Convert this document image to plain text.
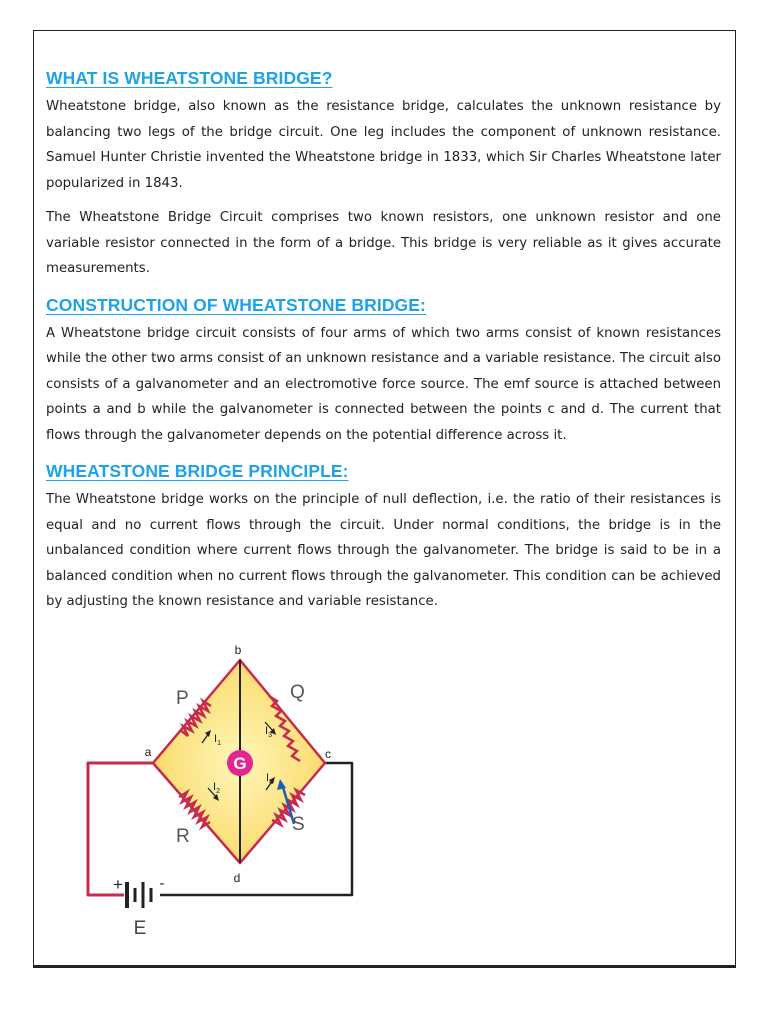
WHAT IS WHEATSTONE BRIDGE?

Wheatstone bridge, also known as the resistance bridge, calculates the unknown resistance by balancing two legs of the bridge circuit. One leg includes the component of unknown resistance. Samuel Hunter Christie invented the Wheatstone bridge in 1833, which Sir Charles Wheatstone later popularized in 1843.

The Wheatstone Bridge Circuit comprises two known resistors, one unknown resistor and one variable resistor connected in the form of a bridge. This bridge is very reliable as it gives accurate measurements.

CONSTRUCTION OF WHEATSTONE BRIDGE:

A Wheatstone bridge circuit consists of four arms of which two arms consist of known resistances while the other two arms consist of an unknown resistance and a variable resistance. The circuit also consists of a galvanometer and an electromotive force source. The emf source is attached between points a and b while the galvanometer is connected between the points c and d. The current that flows through the galvanometer depends on the potential difference across it.

WHEATSTONE BRIDGE PRINCIPLE:

The Wheatstone bridge works on the principle of null deflection, i.e. the ratio of their resistances is equal and no current flows through the circuit. Under normal conditions, the bridge is in the unbalanced condition where current flows through the galvanometer. The bridge is said to be in a balanced condition when no current flows through the galvanometer. This condition can be achieved by adjusting the known resistance and variable resistance.

+ -
E
$I_1$
$I_2$
$I_3$
$I_4$
G
P	Q
R
S
b
a	c
d
